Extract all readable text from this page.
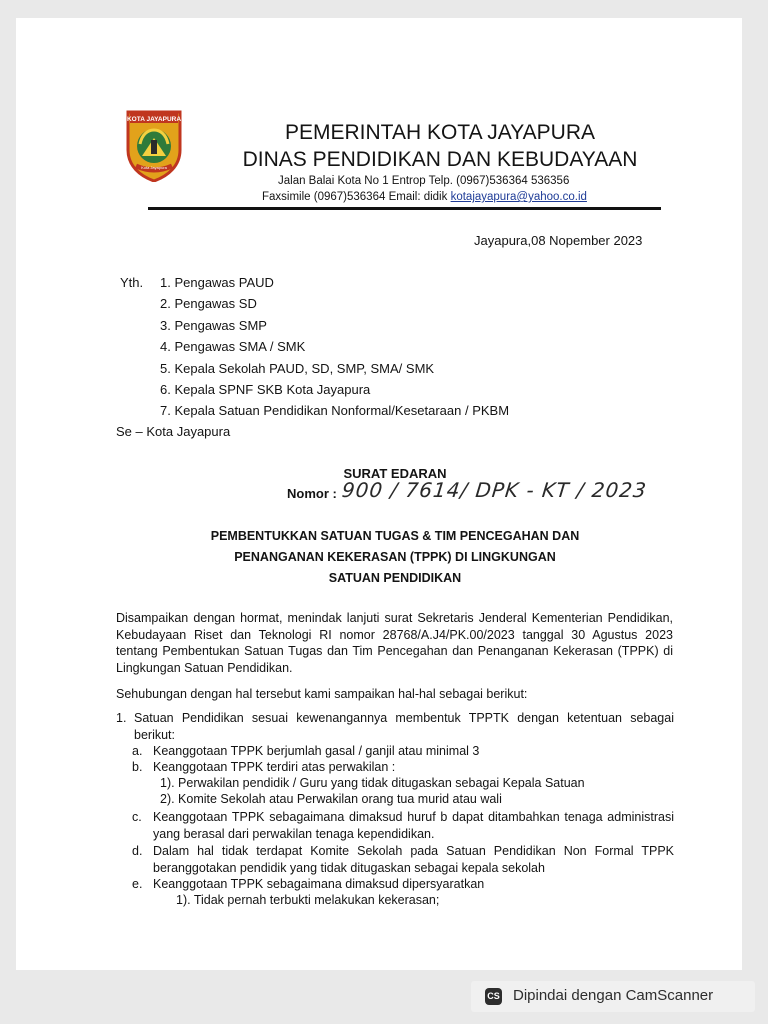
KOTA JAYAPURA
Kota Jayapura
PEMERINTAH KOTA JAYAPURA
DINAS PENDIDIKAN DAN KEBUDAYAAN
Jalan Balai Kota No 1 Entrop Telp. (0967)536364 536356
Faxsimile (0967)536364 Email: didik kotajayapura@yahoo.co.id
Jayapura,08 Nopember 2023
Yth. 1. Pengawas PAUD
2. Pengawas SD
3. Pengawas SMP
4. Pengawas SMA / SMK
5. Kepala Sekolah PAUD, SD, SMP, SMA/ SMK
6. Kepala SPNF SKB Kota Jayapura
7. Kepala Satuan Pendidikan Nonformal/Kesetaraan / PKBM
Se – Kota Jayapura
SURAT EDARAN
Nomor : 900 / 7614/ DPK - KT / 2023
PEMBENTUKKAN SATUAN TUGAS & TIM PENCEGAHAN DAN
PENANGANAN KEKERASAN (TPPK) DI LINGKUNGAN
SATUAN PENDIDIKAN
Disampaikan dengan hormat, menindak lanjuti surat Sekretaris Jenderal Kementerian Pendidikan, Kebudayaan Riset dan Teknologi RI nomor 28768/A.J4/PK.00/2023 tanggal 30 Agustus 2023 tentang Pembentukan Satuan Tugas dan Tim Pencegahan dan Penanganan Kekerasan (TPPK) di Lingkungan Satuan Pendidikan.
Sehubungan dengan hal tersebut kami sampaikan hal-hal sebagai berikut:
1. Satuan Pendidikan sesuai kewenangannya membentuk TPPTK dengan ketentuan sebagai berikut:
a. Keanggotaan TPPK berjumlah gasal / ganjil atau minimal 3
b. Keanggotaan TPPK terdiri atas perwakilan :
1). Perwakilan pendidik / Guru yang tidak ditugaskan sebagai Kepala Satuan
2). Komite Sekolah atau Perwakilan orang tua murid atau wali
c. Keanggotaan TPPK sebagaimana dimaksud huruf b dapat ditambahkan tenaga administrasi yang berasal dari perwakilan tenaga kependidikan.
d. Dalam hal tidak terdapat Komite Sekolah pada Satuan Pendidikan Non Formal TPPK beranggotakan pendidik yang tidak ditugaskan sebagai kepala sekolah
e. Keanggotaan TPPK sebagaimana dimaksud dipersyaratkan
1). Tidak pernah terbukti melakukan kekerasan;
CS Dipindai dengan CamScanner
